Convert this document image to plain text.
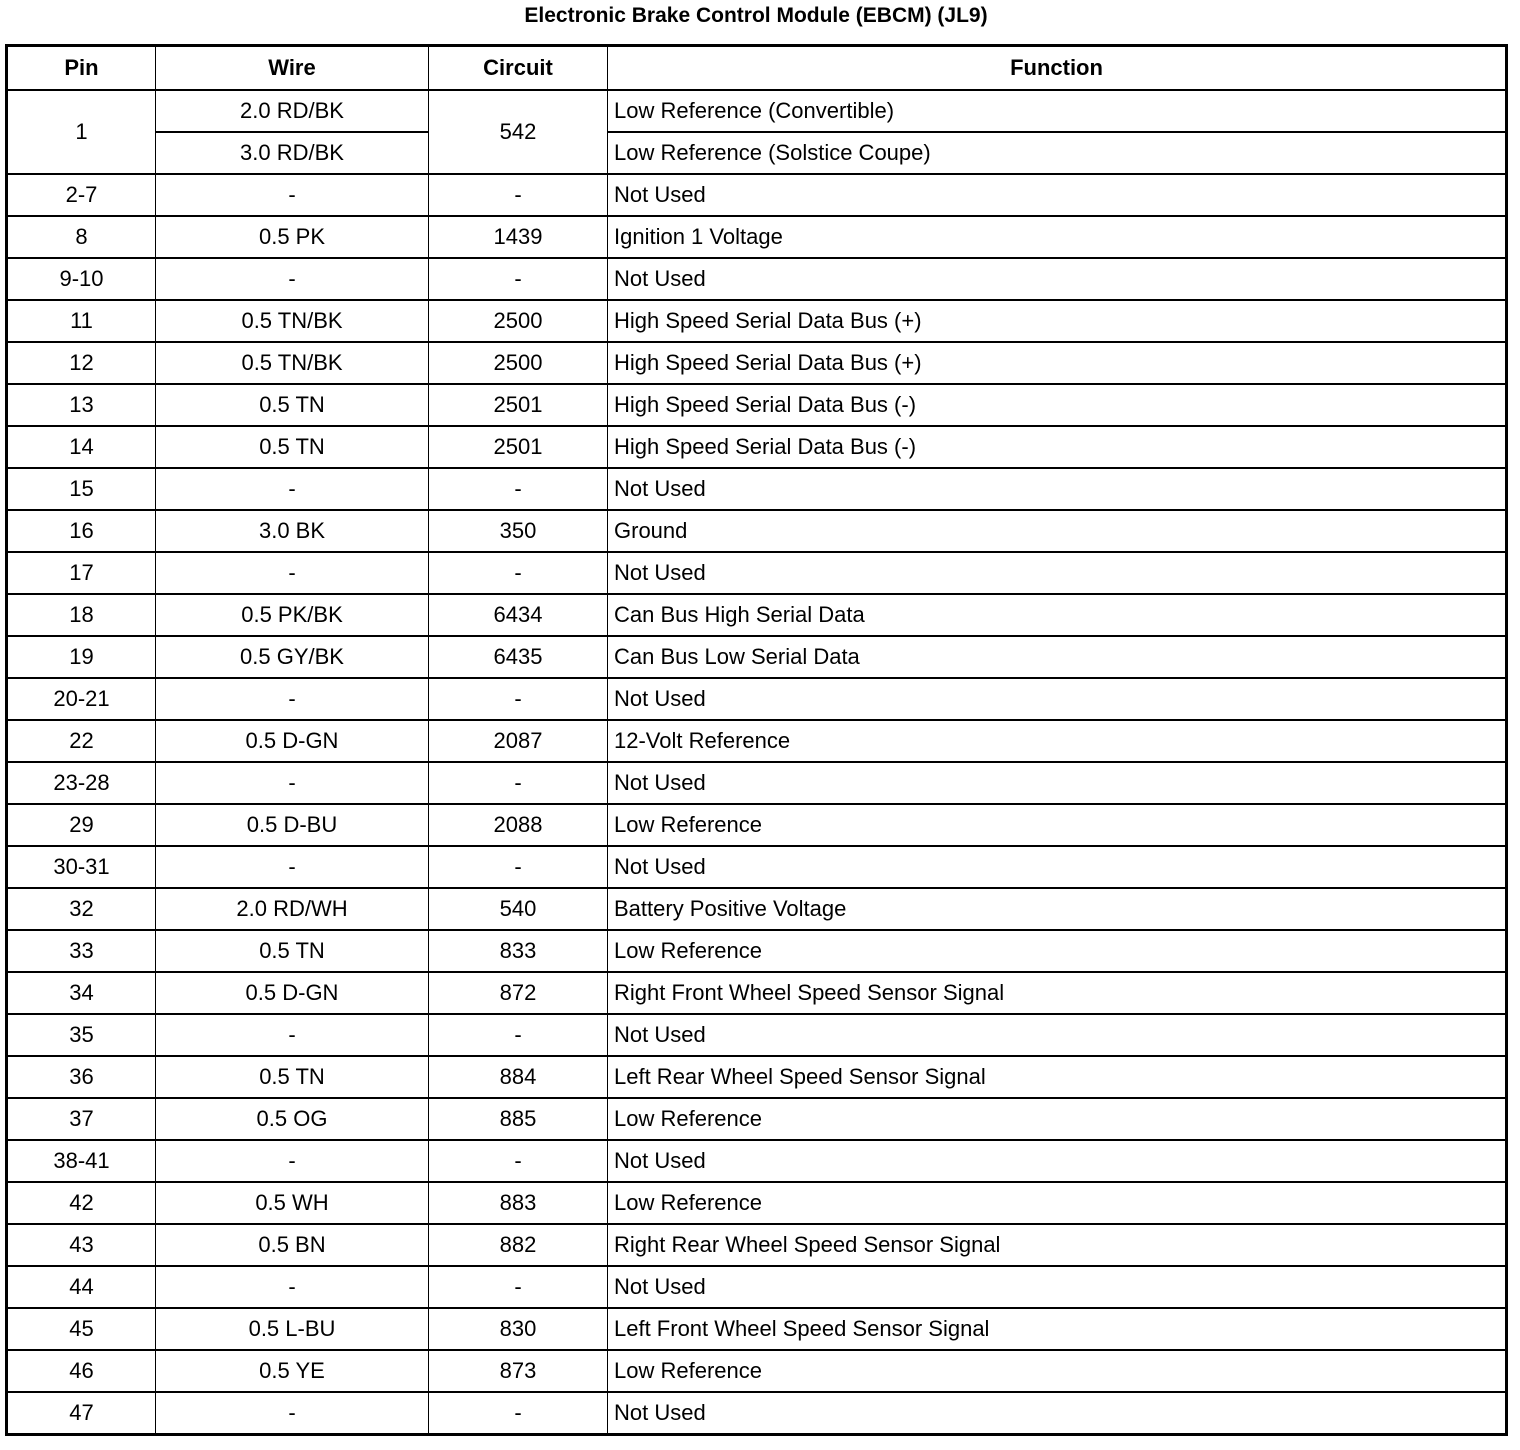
Electronic Brake Control Module (EBCM) (JL9)
Pin	Wire	Circuit	Function
1	2.0 RD/BK	542	Low Reference (Convertible)
	3.0 RD/BK		Low Reference (Solstice Coupe)
2-7	-	-	Not Used
8	0.5 PK	1439	Ignition 1 Voltage
9-10	-	-	Not Used
11	0.5 TN/BK	2500	High Speed Serial Data Bus (+)
12	0.5 TN/BK	2500	High Speed Serial Data Bus (+)
13	0.5 TN	2501	High Speed Serial Data Bus (-)
14	0.5 TN	2501	High Speed Serial Data Bus (-)
15	-	-	Not Used
16	3.0 BK	350	Ground
17	-	-	Not Used
18	0.5 PK/BK	6434	Can Bus High Serial Data
19	0.5 GY/BK	6435	Can Bus Low Serial Data
20-21	-	-	Not Used
22	0.5 D-GN	2087	12-Volt Reference
23-28	-	-	Not Used
29	0.5 D-BU	2088	Low Reference
30-31	-	-	Not Used
32	2.0 RD/WH	540	Battery Positive Voltage
33	0.5 TN	833	Low Reference
34	0.5 D-GN	872	Right Front Wheel Speed Sensor Signal
35	-	-	Not Used
36	0.5 TN	884	Left Rear Wheel Speed Sensor Signal
37	0.5 OG	885	Low Reference
38-41	-	-	Not Used
42	0.5 WH	883	Low Reference
43	0.5 BN	882	Right Rear Wheel Speed Sensor Signal
44	-	-	Not Used
45	0.5 L-BU	830	Left Front Wheel Speed Sensor Signal
46	0.5 YE	873	Low Reference
47	-	-	Not Used
